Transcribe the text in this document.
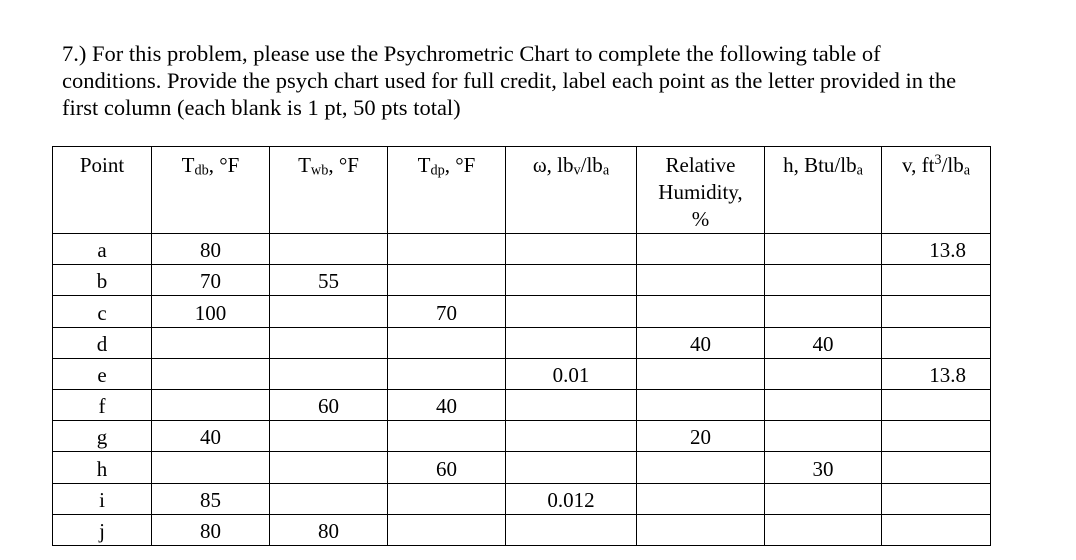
7.) For this problem, please use the Psychrometric Chart to complete the following table of
conditions. Provide the psych chart used for full credit, label each point as the letter provided in the
first column (each blank is 1 pt, 50 pts total)
Point	$T_{db}$, °F	$T_{wb}$, °F	$T_{dp}$, °F	ω, $lb_v/lb_a$	Relative
Humidity,
%	h, Btu/$lb_a$	v, $ft^3/lb_a$
a	80						13.8
b	70	55					
c	100		70				
d					40	40	
e				0.01			13.8
f		60	40				
g	40				20		
h			60			30	
i	85			0.012			
j	80	80					
